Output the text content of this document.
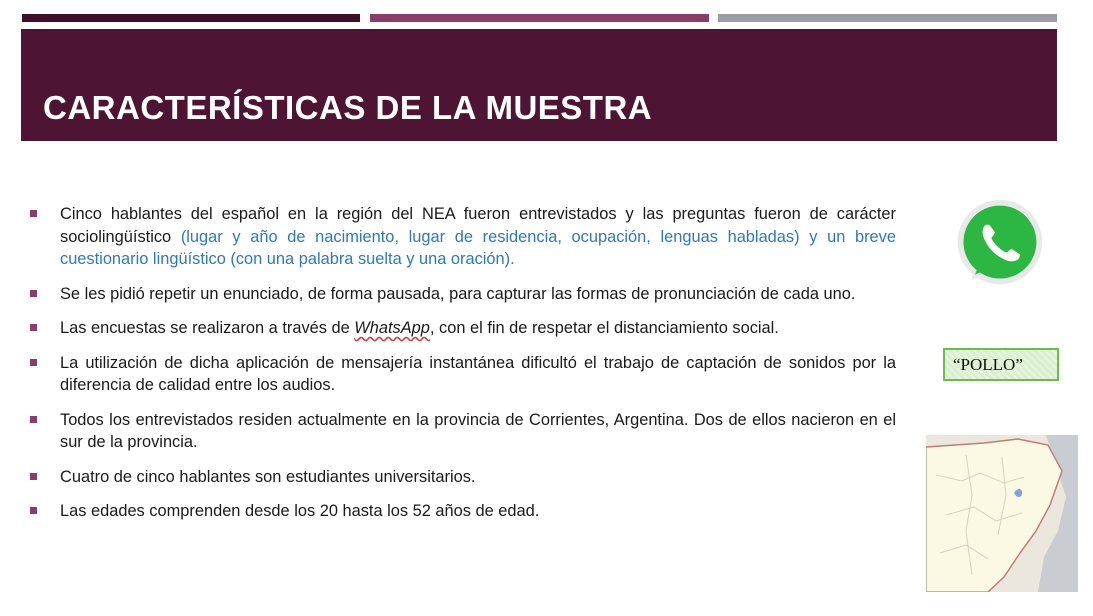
CARACTERÍSTICAS DE LA MUESTRA
Cinco hablantes del español en la región del NEA fueron entrevistados y las preguntas fueron de carácter sociolingüístico (lugar y año de nacimiento, lugar de residencia, ocupación, lenguas habladas) y un breve cuestionario lingüístico (con una palabra suelta y una oración).
Se les pidió repetir un enunciado, de forma pausada, para capturar las formas de pronunciación de cada uno.
Las encuestas se realizaron a través de WhatsApp, con el fin de respetar el distanciamiento social.
La utilización de dicha aplicación de mensajería instantánea dificultó el trabajo de captación de sonidos por la diferencia de calidad entre los audios.
Todos los entrevistados residen actualmente en la provincia de Corrientes, Argentina. Dos de ellos nacieron en el sur de la provincia.
Cuatro de cinco hablantes son estudiantes universitarios.
Las edades comprenden desde los 20 hasta los 52 años de edad.
“POLLO”
